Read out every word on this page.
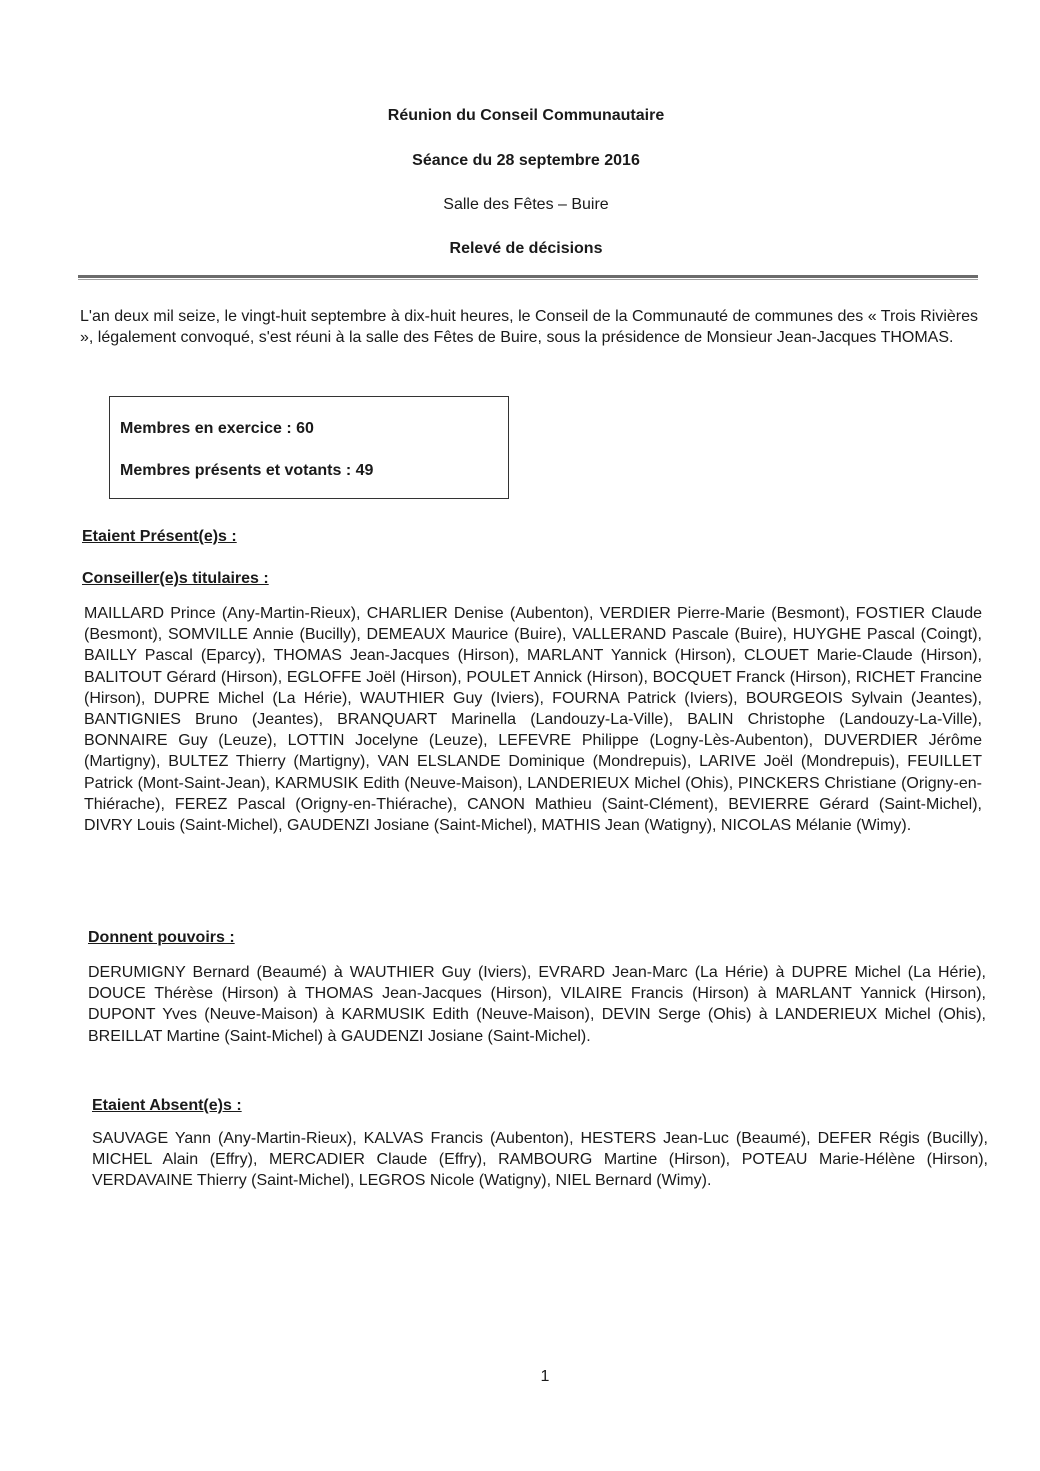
Réunion du Conseil Communautaire
Séance du 28 septembre 2016
Salle des Fêtes – Buire
Relevé de décisions
L'an deux mil seize, le vingt-huit septembre à dix-huit heures, le Conseil de la Communauté de communes des « Trois Rivières », légalement convoqué, s'est réuni à la salle des Fêtes de Buire, sous la présidence de Monsieur Jean-Jacques THOMAS.
Membres en exercice : 60
Membres présents et votants : 49
Etaient Présent(e)s :
Conseiller(e)s titulaires :
MAILLARD Prince (Any-Martin-Rieux), CHARLIER Denise (Aubenton), VERDIER Pierre-Marie (Besmont), FOSTIER Claude (Besmont), SOMVILLE Annie (Bucilly), DEMEAUX Maurice (Buire), VALLERAND Pascale (Buire), HUYGHE Pascal (Coingt), BAILLY Pascal (Eparcy), THOMAS Jean-Jacques (Hirson), MARLANT Yannick (Hirson), CLOUET Marie-Claude (Hirson), BALITOUT Gérard (Hirson), EGLOFFE Joël (Hirson), POULET Annick (Hirson), BOCQUET Franck (Hirson), RICHET Francine (Hirson), DUPRE Michel (La Hérie), WAUTHIER Guy (Iviers), FOURNA Patrick (Iviers), BOURGEOIS Sylvain (Jeantes), BANTIGNIES Bruno (Jeantes), BRANQUART Marinella (Landouzy-La-Ville), BALIN Christophe (Landouzy-La-Ville), BONNAIRE Guy (Leuze), LOTTIN Jocelyne (Leuze), LEFEVRE Philippe (Logny-Lès-Aubenton), DUVERDIER Jérôme (Martigny), BULTEZ Thierry (Martigny), VAN ELSLANDE Dominique (Mondrepuis), LARIVE Joël (Mondrepuis), FEUILLET Patrick (Mont-Saint-Jean), KARMUSIK Edith (Neuve-Maison), LANDERIEUX Michel (Ohis), PINCKERS Christiane (Origny-en-Thiérache), FEREZ Pascal (Origny-en-Thiérache), CANON Mathieu (Saint-Clément), BEVIERRE Gérard (Saint-Michel), DIVRY Louis (Saint-Michel), GAUDENZI Josiane (Saint-Michel), MATHIS Jean (Watigny), NICOLAS Mélanie (Wimy).
Donnent pouvoirs :
DERUMIGNY Bernard (Beaumé) à WAUTHIER Guy (Iviers), EVRARD Jean-Marc (La Hérie) à DUPRE Michel (La Hérie), DOUCE Thérèse (Hirson) à THOMAS Jean-Jacques (Hirson), VILAIRE Francis (Hirson) à MARLANT Yannick (Hirson), DUPONT Yves (Neuve-Maison) à KARMUSIK Edith (Neuve-Maison), DEVIN Serge (Ohis) à LANDERIEUX Michel (Ohis), BREILLAT Martine (Saint-Michel) à GAUDENZI Josiane (Saint-Michel).
Etaient Absent(e)s :
SAUVAGE Yann (Any-Martin-Rieux), KALVAS Francis (Aubenton), HESTERS Jean-Luc (Beaumé), DEFER Régis (Bucilly), MICHEL Alain (Effry), MERCADIER Claude (Effry), RAMBOURG Martine (Hirson), POTEAU Marie-Hélène (Hirson), VERDAVAINE Thierry (Saint-Michel), LEGROS Nicole (Watigny), NIEL Bernard (Wimy).
1
